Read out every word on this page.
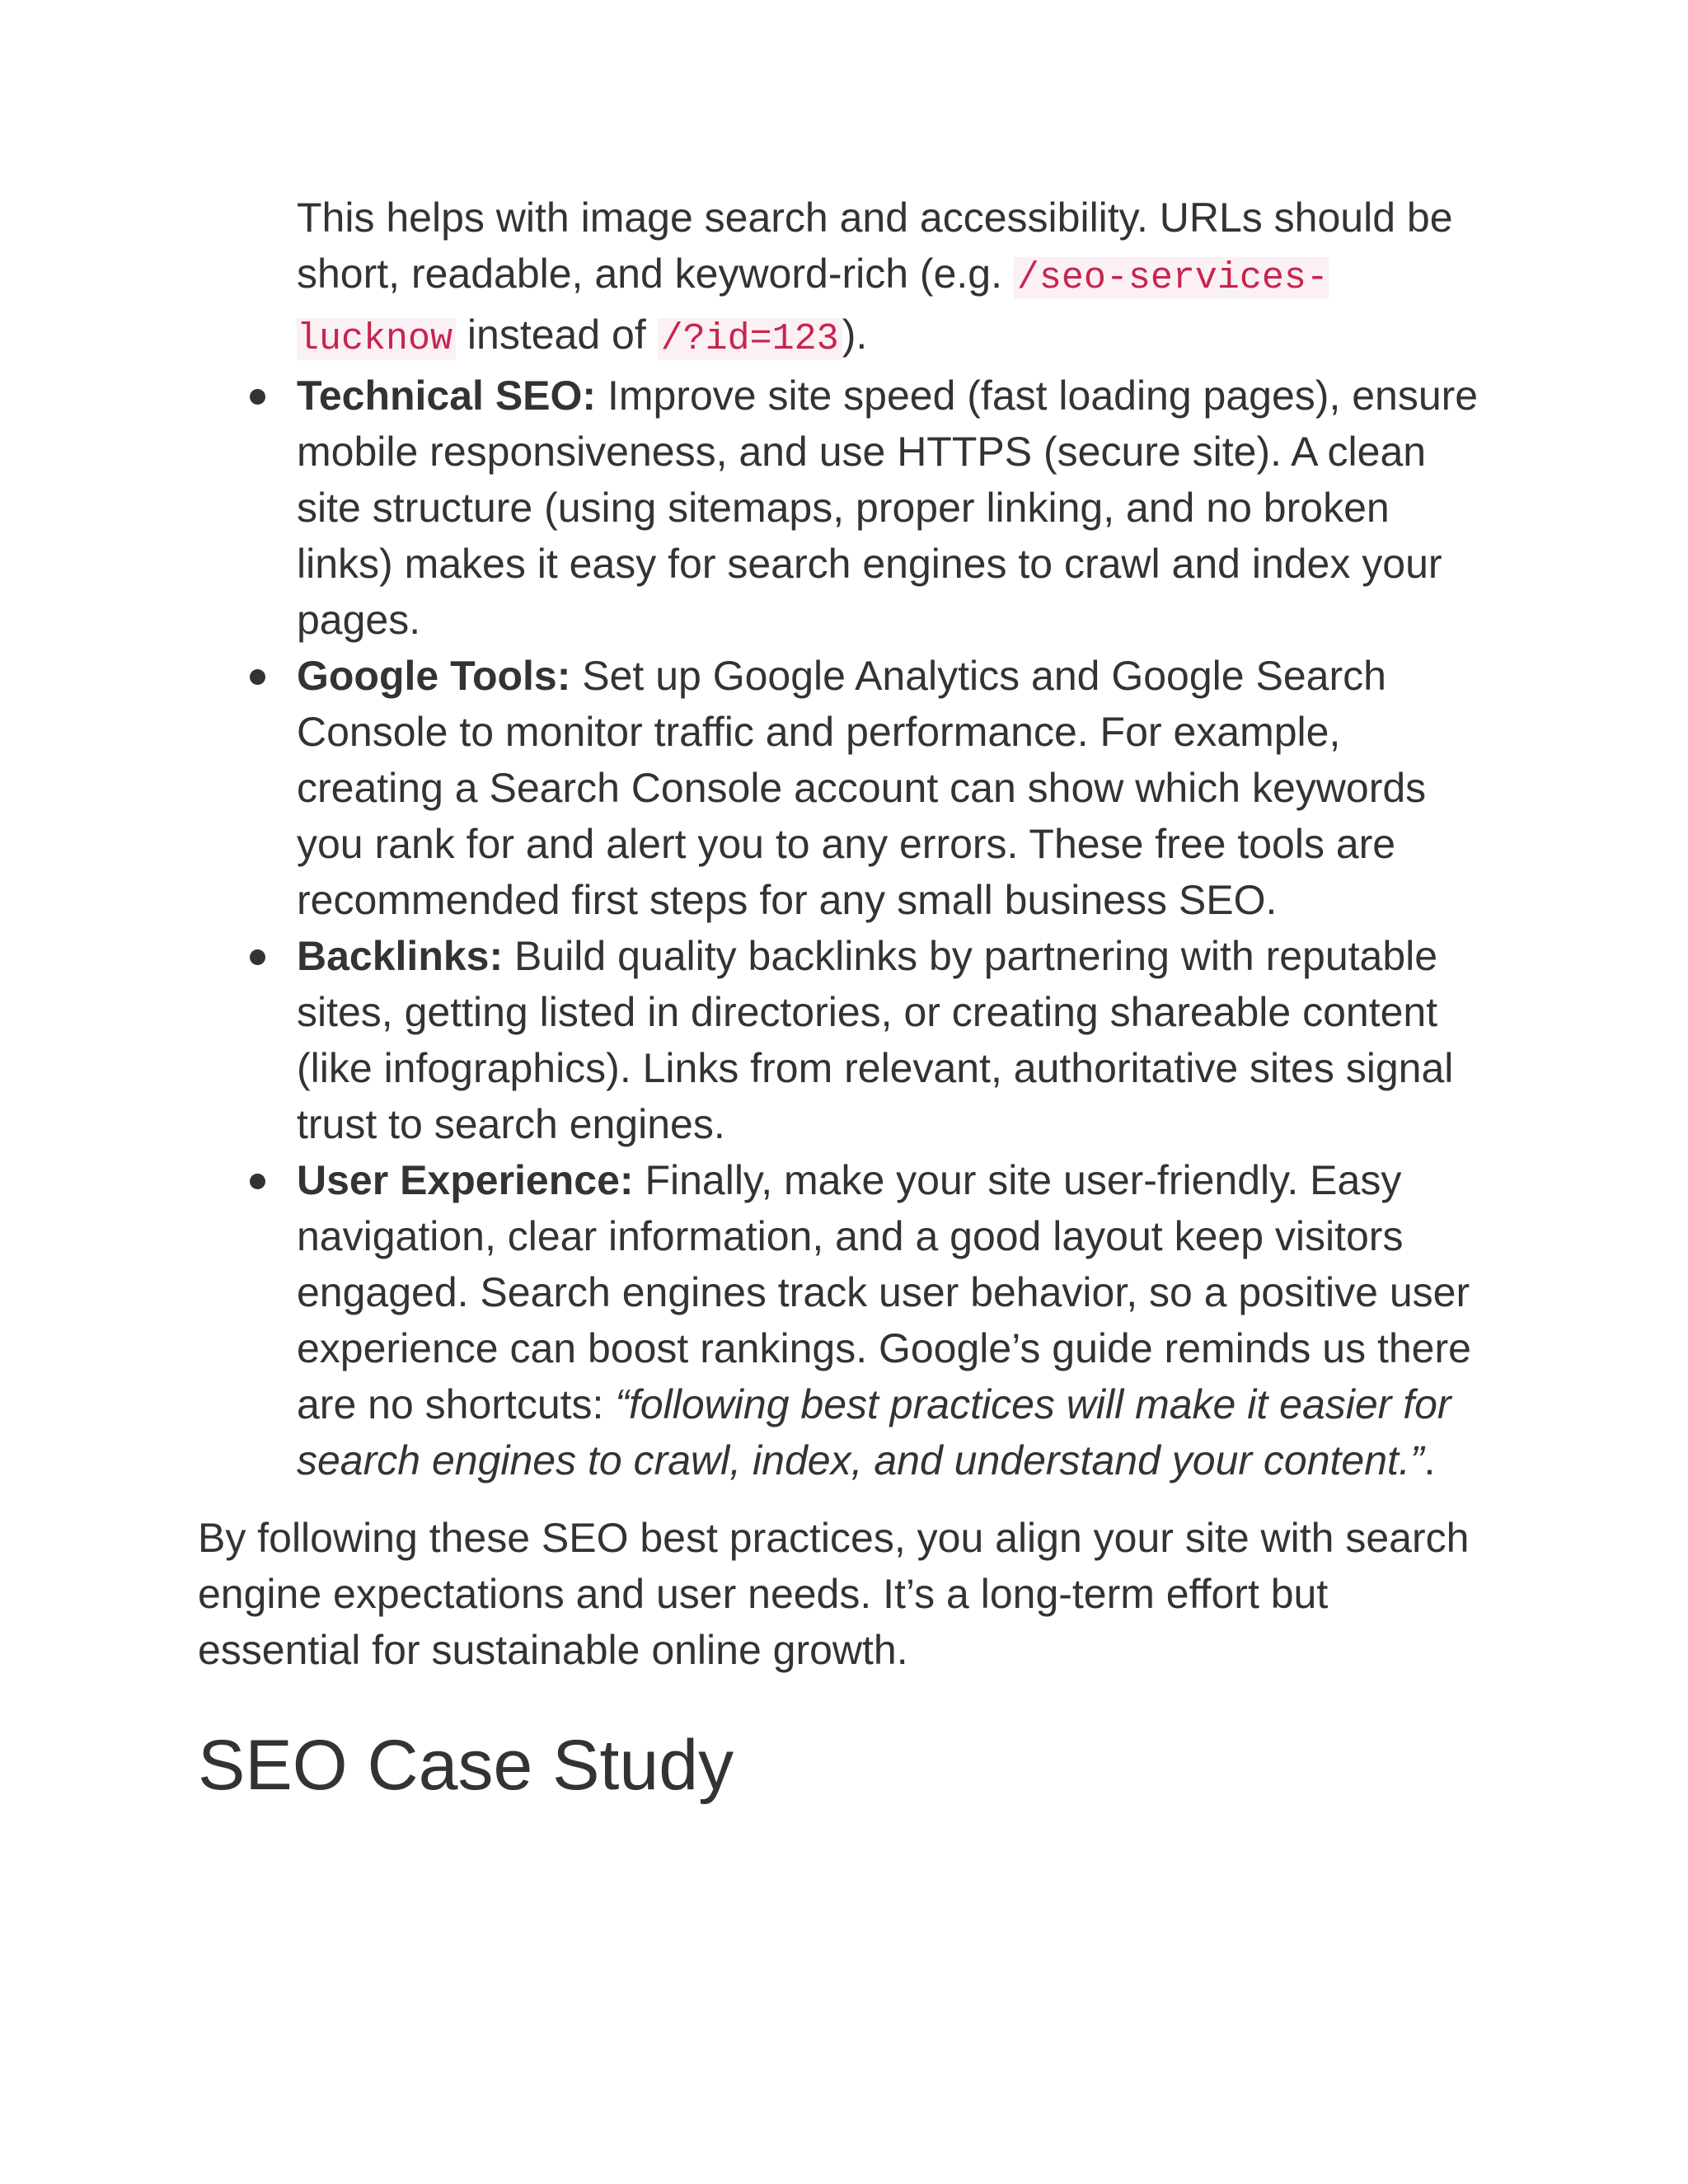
This helps with image search and accessibility. URLs should be short, readable, and keyword-rich (e.g. /seo-services-lucknow instead of /?id=123).

Technical SEO: Improve site speed (fast loading pages), ensure mobile responsiveness, and use HTTPS (secure site). A clean site structure (using sitemaps, proper linking, and no broken links) makes it easy for search engines to crawl and index your pages.
Google Tools: Set up Google Analytics and Google Search Console to monitor traffic and performance. For example, creating a Search Console account can show which keywords you rank for and alert you to any errors. These free tools are recommended first steps for any small business SEO.
Backlinks: Build quality backlinks by partnering with reputable sites, getting listed in directories, or creating shareable content (like infographics). Links from relevant, authoritative sites signal trust to search engines.
User Experience: Finally, make your site user-friendly. Easy navigation, clear information, and a good layout keep visitors engaged. Search engines track user behavior, so a positive user experience can boost rankings. Google’s guide reminds us there are no shortcuts: “following best practices will make it easier for search engines to crawl, index, and understand your content.”.

By following these SEO best practices, you align your site with search engine expectations and user needs. It’s a long-term effort but essential for sustainable online growth.

SEO Case Study
